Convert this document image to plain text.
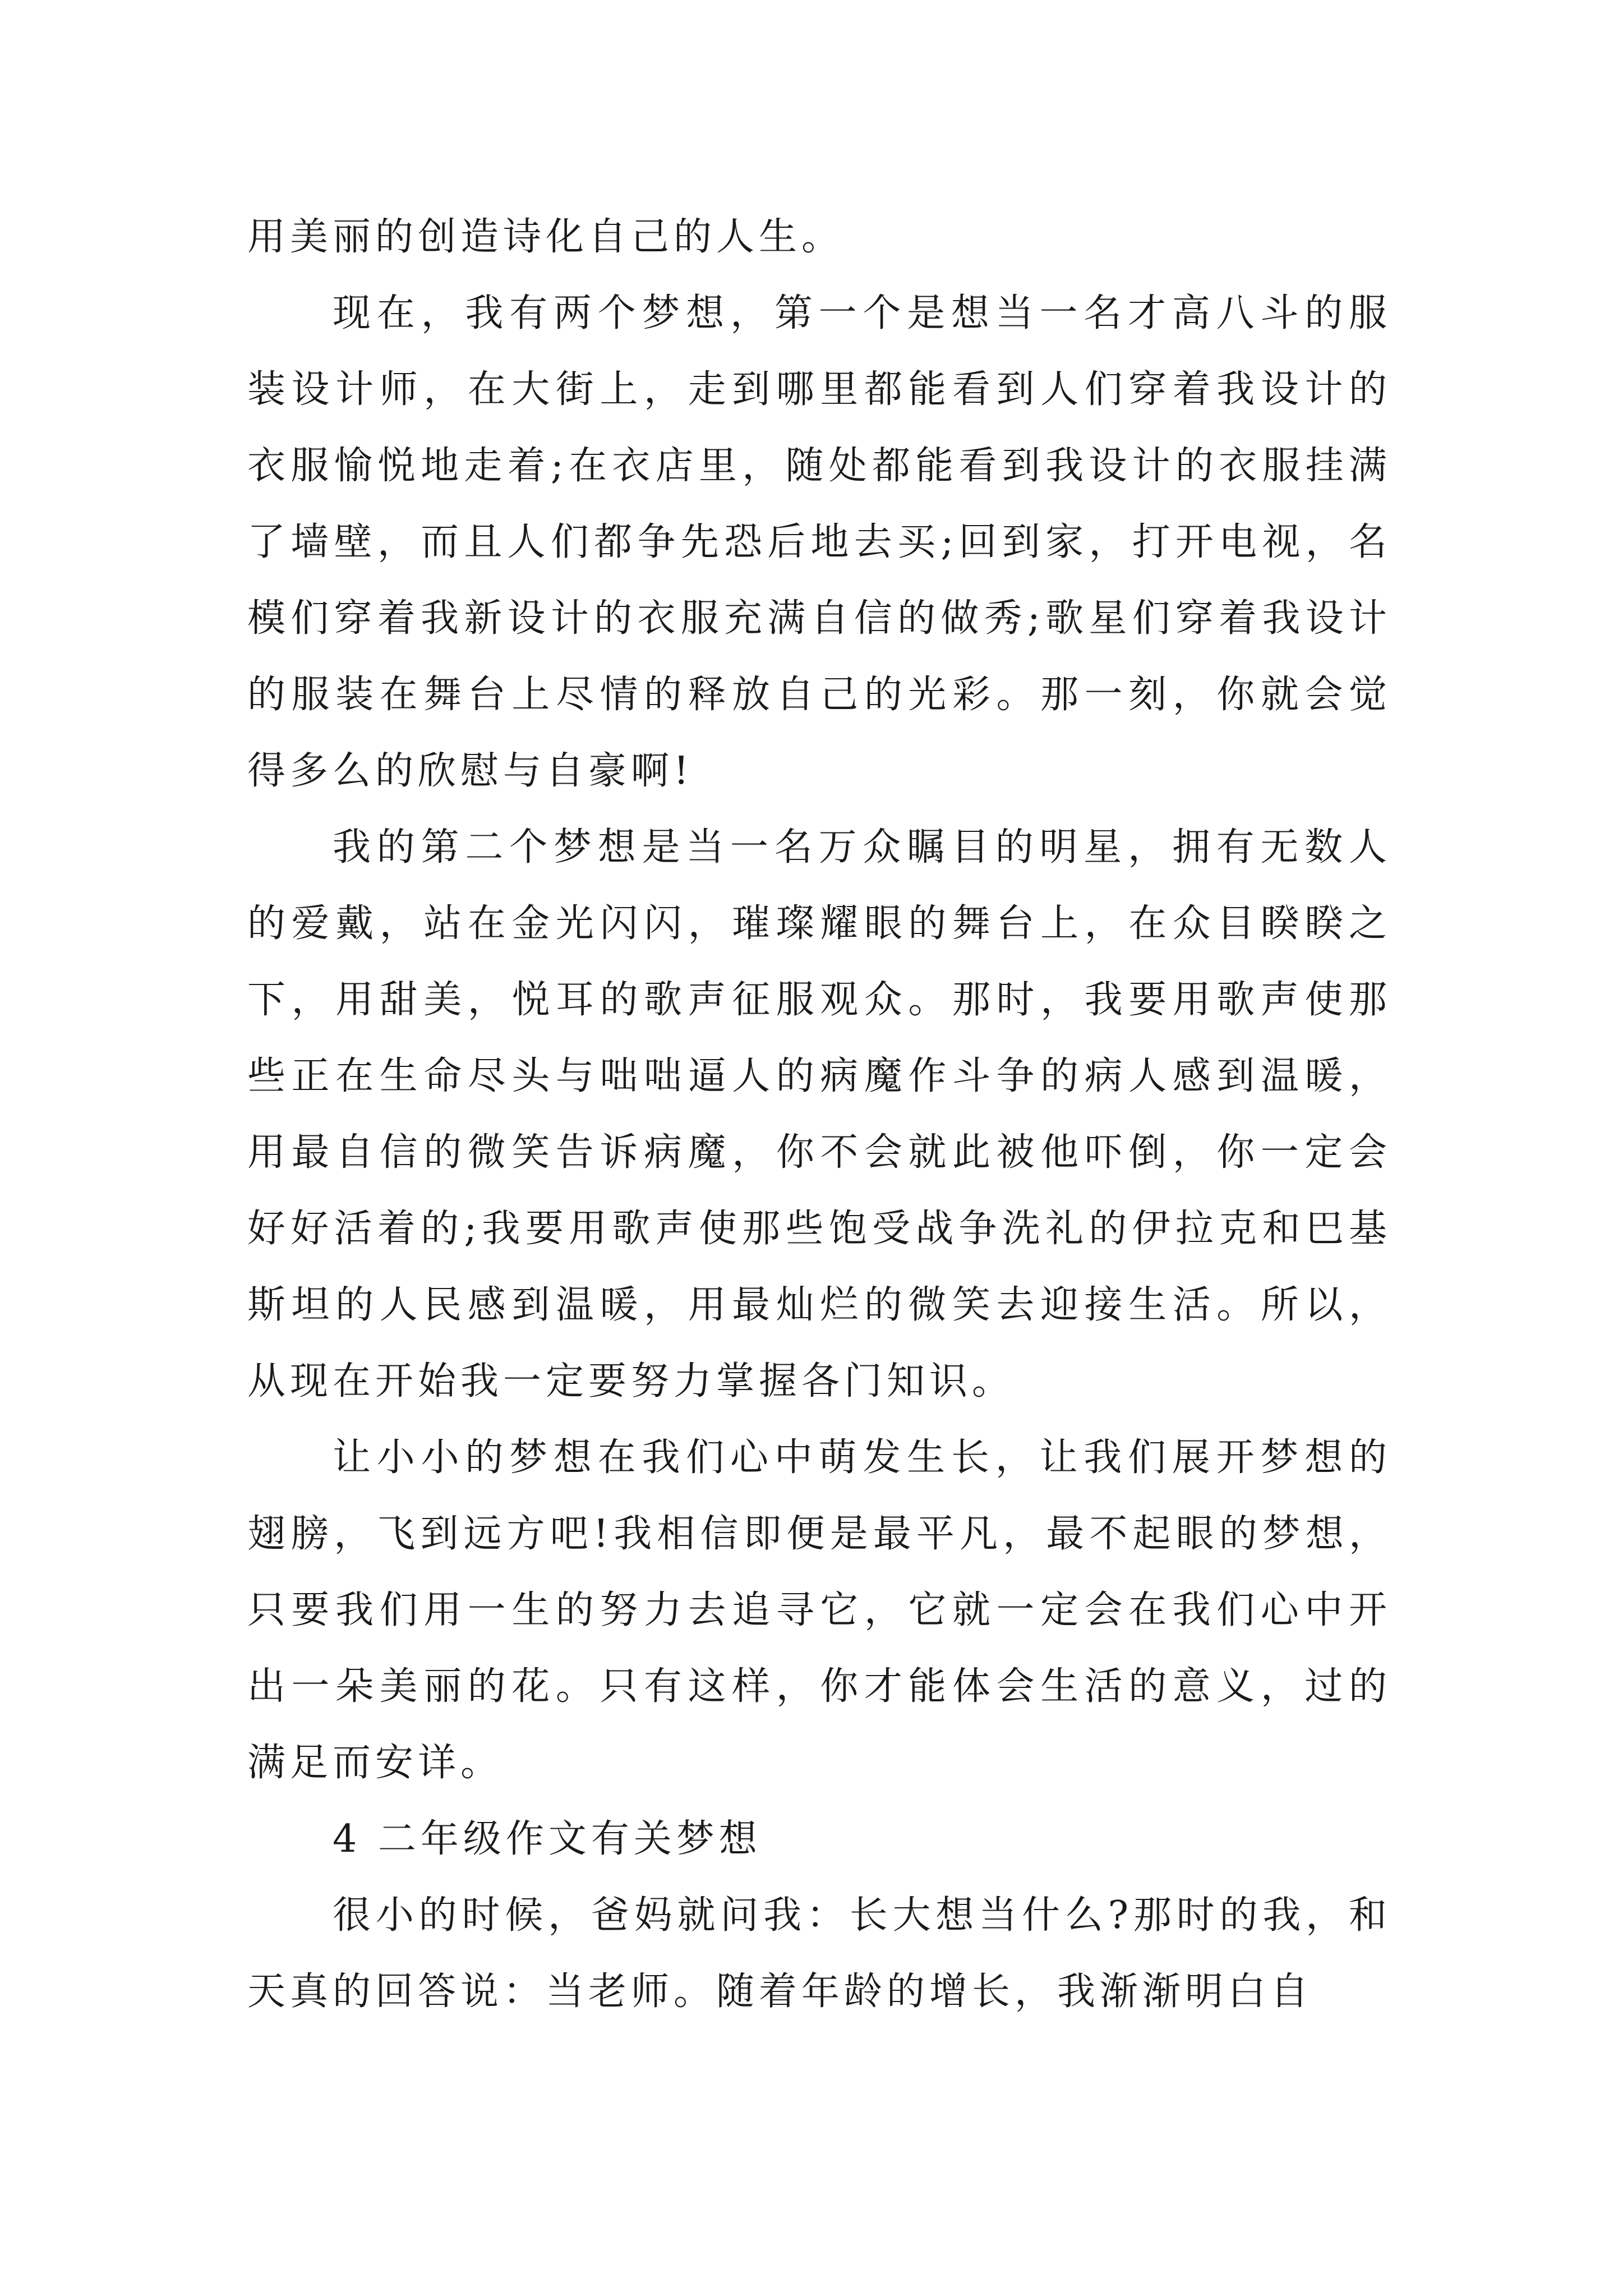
用美丽的创造诗化自己的人生。

现在，我有两个梦想，第一个是想当一名才高八斗的服装设计师，在大街上，走到哪里都能看到人们穿着我设计的衣服愉悦地走着;在衣店里，随处都能看到我设计的衣服挂满了墙壁，而且人们都争先恐后地去买;回到家，打开电视，名模们穿着我新设计的衣服充满自信的做秀;歌星们穿着我设计的服装在舞台上尽情的释放自己的光彩。那一刻，你就会觉得多么的欣慰与自豪啊!

我的第二个梦想是当一名万众瞩目的明星，拥有无数人的爱戴，站在金光闪闪，璀璨耀眼的舞台上，在众目睽睽之下，用甜美，悦耳的歌声征服观众。那时，我要用歌声使那些正在生命尽头与咄咄逼人的病魔作斗争的病人感到温暖，用最自信的微笑告诉病魔，你不会就此被他吓倒，你一定会好好活着的;我要用歌声使那些饱受战争洗礼的伊拉克和巴基斯坦的人民感到温暖，用最灿烂的微笑去迎接生活。所以，从现在开始我一定要努力掌握各门知识。

让小小的梦想在我们心中萌发生长，让我们展开梦想的翅膀，飞到远方吧!我相信即便是最平凡，最不起眼的梦想，只要我们用一生的努力去追寻它，它就一定会在我们心中开出一朵美丽的花。只有这样，你才能体会生活的意义，过的满足而安详。

4 二年级作文有关梦想

很小的时候，爸妈就问我：长大想当什么?那时的我，和天真的回答说：当老师。随着年龄的增长，我渐渐明白自
